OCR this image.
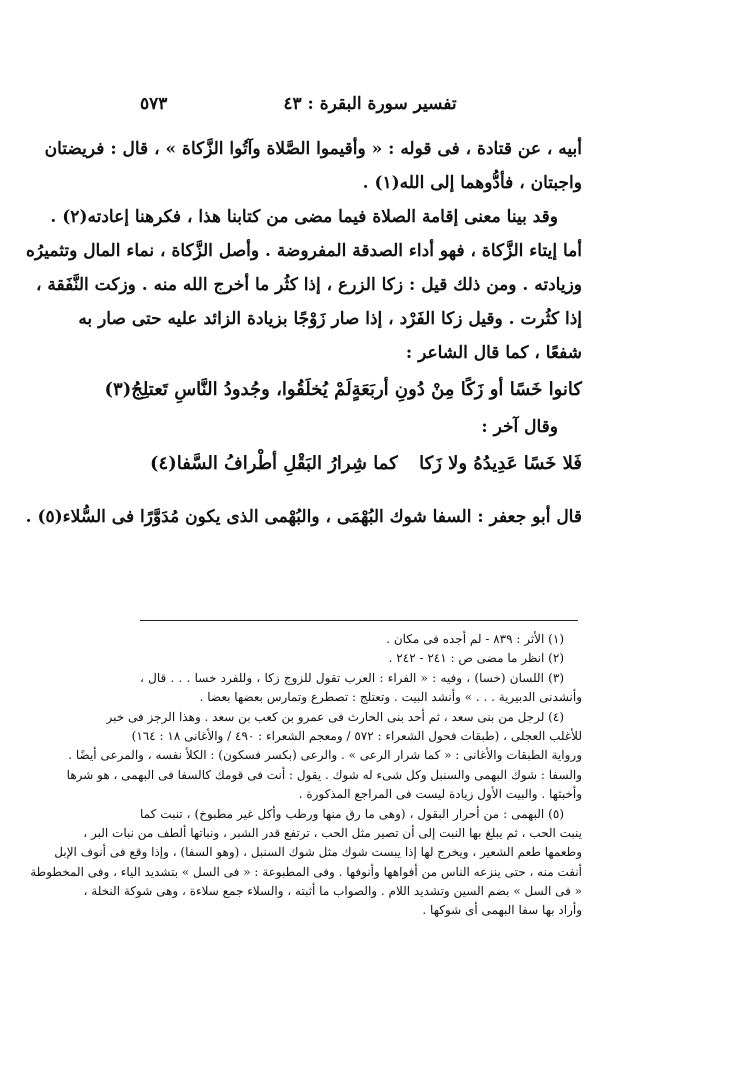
تفسير سورة البقرة : ٤٣
٥٧٣
أبيه ، عن قتادة ، فى قوله : « وأقيموا الصَّلاة وآتُوا الزَّكاة » ، قال : فريضتان
واجبتان ، فأدُّوهما إلى الله(١) .
وقد بينا معنى إقامة الصلاة فيما مضى من كتابنا هذا ، فكرهنا إعادته(٢) .
أما إيتاء الزَّكاة ، فهو أداء الصدقة المفروضة . وأصل الزَّكاة ، نماء المال وتثميرُه
وزيادته . ومن ذلك قيل : زكا الزرع ، إذا كثُر ما أخرج الله منه . وزكت النَّفَقة ،
إذا كثُرت . وقيل زكا الفَرْد ، إذا صار زَوْجًا بزيادة الزائد عليه حتى صار به
شفعًا ، كما قال الشاعر :
كانوا خَسًا أو زَكًا مِنْ دُونِ أربَعَةٍ
لَمْ يُخلَقُوا، وجُدودُ النَّاسِ تَعتلِجُ(٣)
وقال آخر :
فَلا خَسًا عَدِيدُهُ ولا زَكا
كما شِرارُ البَقْلِ أطْرافُ السَّفا(٤)
قال أبو جعفر : السفا شوك البُهْمَى ، والبُهْمى الذى يكون مُدَوَّرًا فى السُّلاء(٥) .
(١) الأثر : ٨٣٩ - لم أجده فى مكان .
(٢) انظر ما مضى ص : ٢٤١ - ٢٤٢ .
(٣) اللسان (خسا) ، وفيه : « الفراء : العرب تقول للزوج زكا ، وللفرد خسا . . . قال ،
وأنشدنى الدبيرية . . . » وأنشد البيت . وتعتلج : تصطرع وتمارس بعضها بعضا .
(٤) لرجل من بنى سعد ، ثم أحد بنى الحارث فى عمرو بن كعب بن سعد . وهذا الرجز فى خبر
للأغلب العجلى ، (طبقات فحول الشعراء : ٥٧٢ / ومعجم الشعراء : ٤٩٠ / والأغانى ١٨ : ١٦٤)
ورواية الطبقات والأغانى : « كما شرار الرعى » . والرعى (بكسر فسكون) : الكلأ نفسه ، والمرعى أيضًا .
والسفا : شوك البهمى والسنبل وكل شىء له شوك . يقول : أنت فى قومك كالسفا فى البهمى ، هو شرها
وأخبثها . والبيت الأول زيادة ليست فى المراجع المذكورة .
(٥) البهمى : من أحرار البقول ، (وهى ما رق منها ورطب وأكل غير مطبوخ) ، تنبت كما
ينبت الحب ، ثم يبلغ بها النبت إلى أن تصير مثل الحب ، ترتفع قدر الشبر ، ونباتها ألطف من نبات البر ،
وطعمها طعم الشعير ، ويخرج لها إذا يبست شوك مثل شوك السنبل ، (وهو السفا) ، وإذا وقع فى أنوف الإبل
أنفت منه ، حتى ينزعه الناس من أفواهها وأنوفها . وفى المطبوعة : « فى السل » بتشديد الياء ، وفى المخطوطة
« فى السل » بضم السين وتشديد اللام . والصواب ما أثبته ، والسلاء جمع سلاءة ، وهى شوكة النخلة ،
وأراد بها سفا البهمى أى شوكها .
